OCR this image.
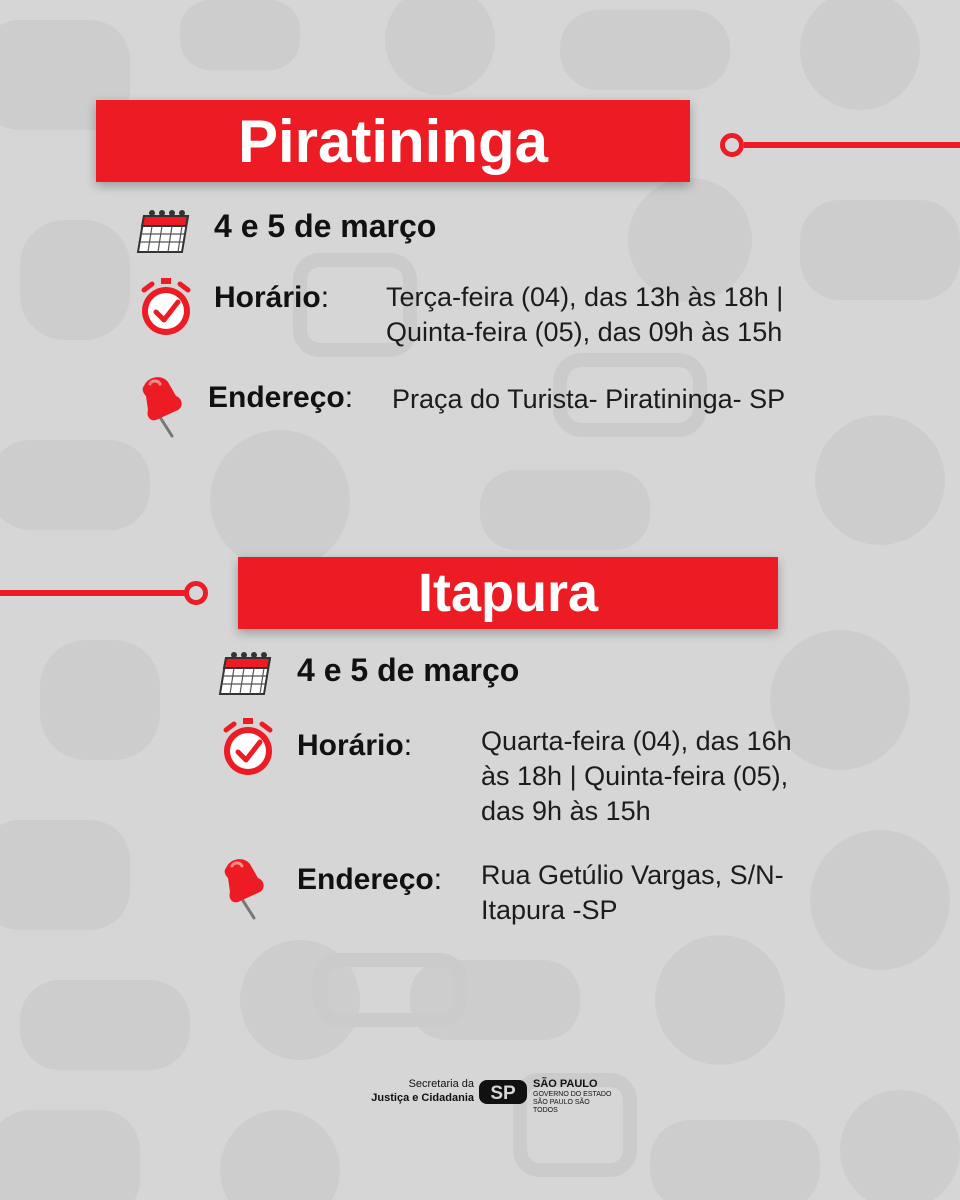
Piratininga
4 e 5 de março
Horário: Terça-feira (04), das 13h às 18h |
Quinta-feira (05), das 09h às 15h
Endereço: Praça do Turista- Piratininga- SP
Itapura
4 e 5 de março
Horário:	Quarta-feira (04), das 16h
às 18h | Quinta-feira (05),
das 9h às 15h
Endereço: Rua Getúlio Vargas, S/N-
Itapura -SP
Secretaria da
Justiça e Cidadania SP SÃO PAULO
GOVERNO DO ESTADO
SÃO PAULO SÃO TODOS
